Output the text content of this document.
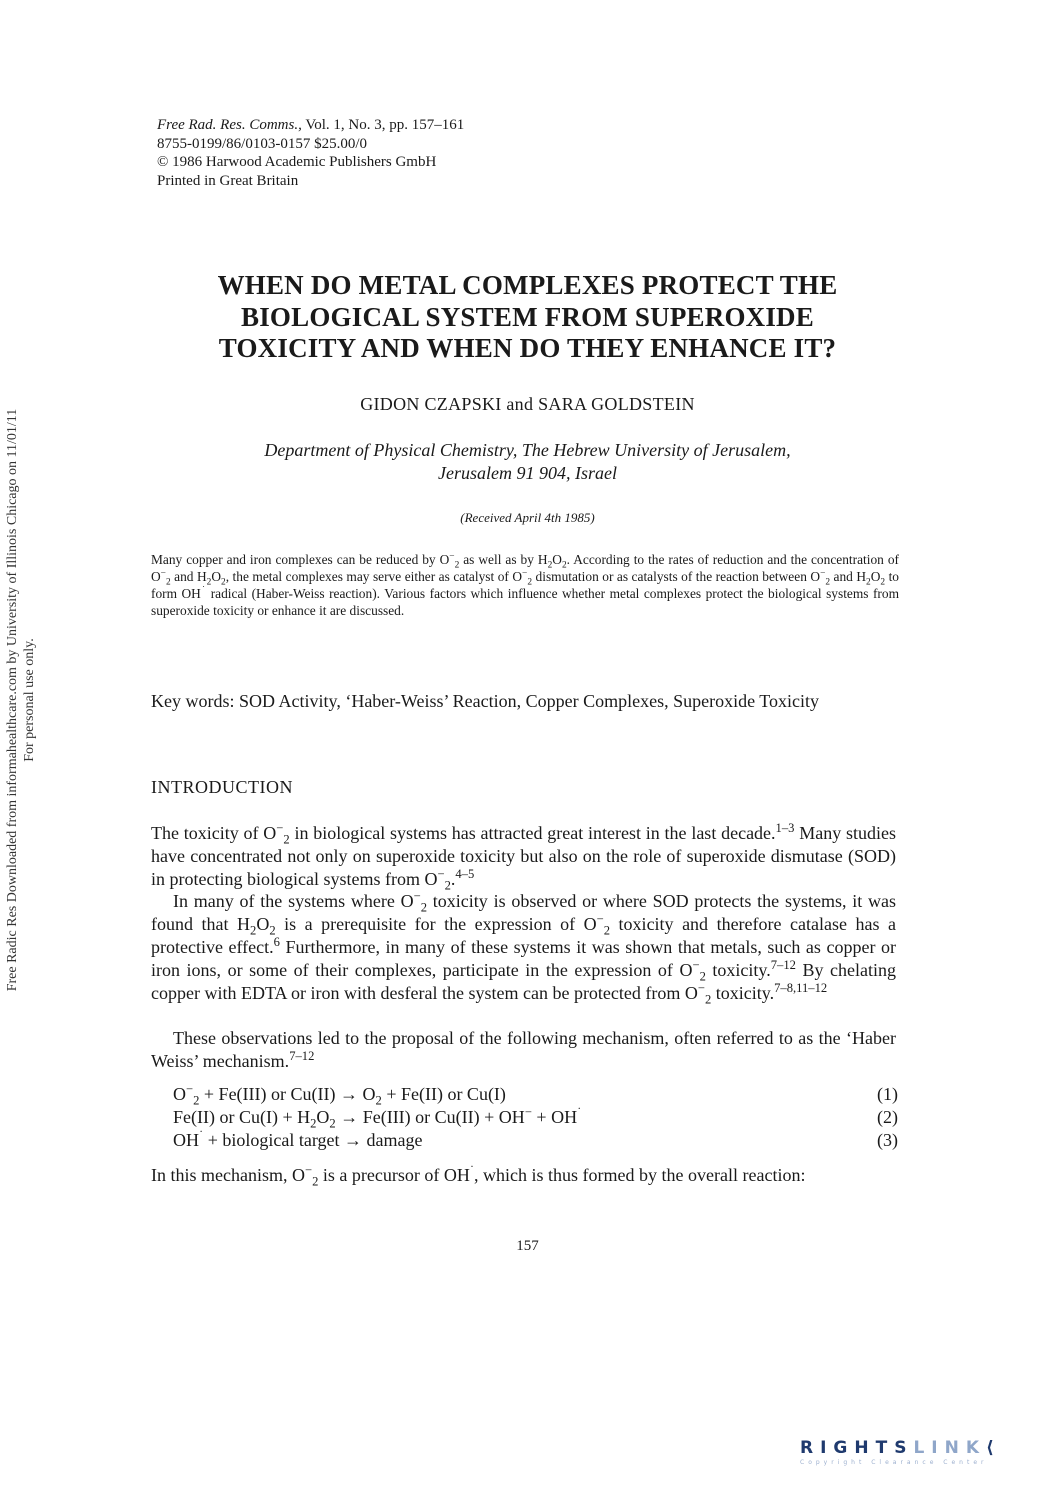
Free Radic Res Downloaded from informahealthcare.com by University of Illinois Chicago on 11/01/11 For personal use only.
Free Rad. Res. Comms., Vol. 1, No. 3, pp. 157–161
8755-0199/86/0103-0157 $25.00/0
© 1986 Harwood Academic Publishers GmbH
Printed in Great Britain
WHEN DO METAL COMPLEXES PROTECT THE
BIOLOGICAL SYSTEM FROM SUPEROXIDE
TOXICITY AND WHEN DO THEY ENHANCE IT?
GIDON CZAPSKI and SARA GOLDSTEIN
Department of Physical Chemistry, The Hebrew University of Jerusalem,
Jerusalem 91 904, Israel
(Received April 4th 1985)
Many copper and iron complexes can be reduced by $O^-_2$ as well as by $H_2O_2$. According to the rates of reduction and the concentration of $O^-_2$ and $H_2O_2$, the metal complexes may serve either as catalyst of $O^-_2$ dismutation or as catalysts of the reaction between $O^-_2$ and $H_2O_2$ to form OH˙ radical (Haber-Weiss reaction). Various factors which influence whether metal complexes protect the biological systems from superoxide toxicity or enhance it are discussed.
Key words: SOD Activity, ‘Haber-Weiss’ Reaction, Copper Complexes, Superoxide Toxicity
INTRODUCTION
The toxicity of $O^-_2$ in biological systems has attracted great interest in the last decade.$^{1-3}$ Many studies have concentrated not only on superoxide toxicity but also on the role of superoxide dismutase (SOD) in protecting biological systems from $O^-_2.^{4-5}$
In many of the systems where $O^-_2$ toxicity is observed or where SOD protects the systems, it was found that $H_2O_2$ is a prerequisite for the expression of $O^-_2$ toxicity and therefore catalase has a protective effect.$^6$ Furthermore, in many of these systems it was shown that metals, such as copper or iron ions, or some of their complexes, participate in the expression of $O^-_2$ toxicity.$^{7-12}$ By chelating copper with EDTA or iron with desferal the system can be protected from $O^-_2$ toxicity.$^{7-8,11-12}$
These observations led to the proposal of the following mechanism, often referred to as the ‘Haber Weiss’ mechanism.$^{7-12}$
$O^-_2 + Fe(III)$ or $Cu(II) \to O_2 + Fe(II)$ or Cu(I)	(1)
Fe(II) or $Cu(I) + H_2O_2 \to Fe(III)$ or Cu(II) + OH− + OH˙	(2)
OH˙ + biological target → damage	(3)
In this mechanism, $O^-_2$ is a precursor of OH˙, which is thus formed by the overall reaction:
157
RIGHTSLINK⟨
Copyright Clearance Center
